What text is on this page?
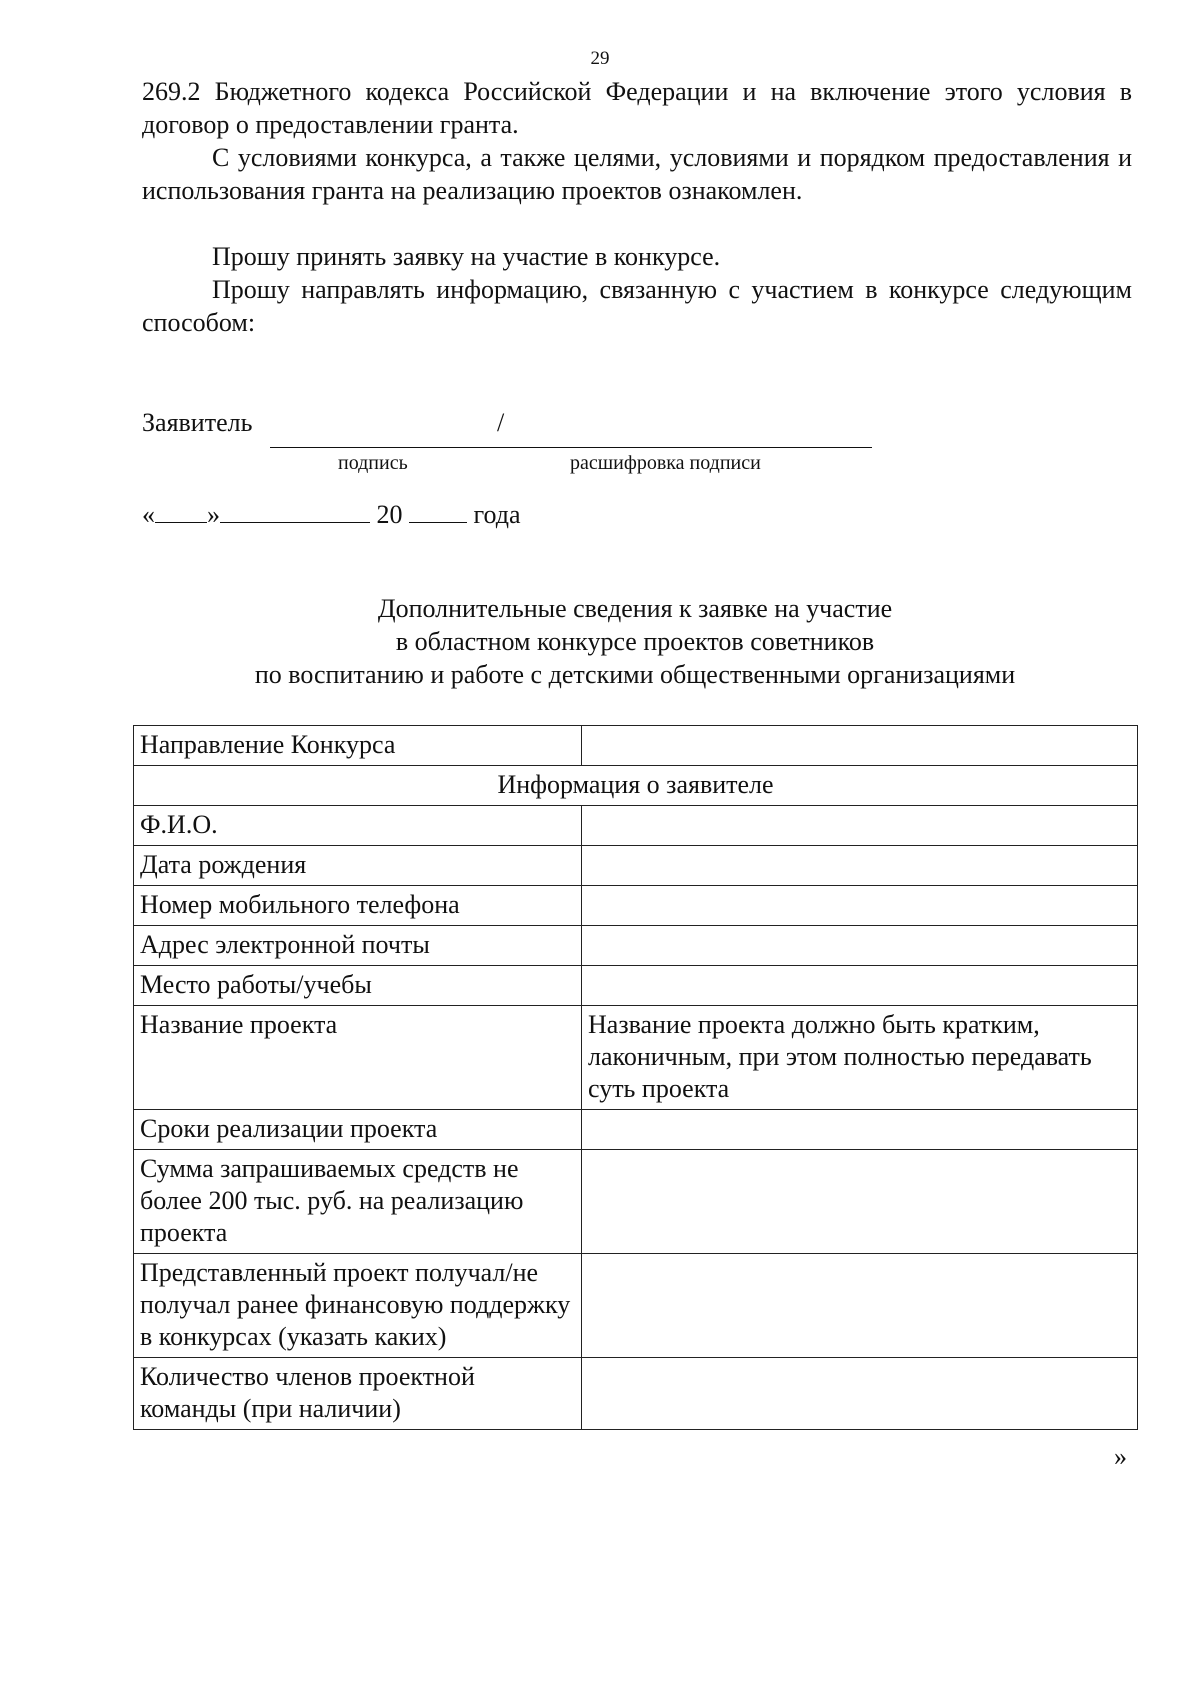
29
269.2 Бюджетного кодекса Российской Федерации и на включение этого условия в договор о предоставлении гранта.
С условиями конкурса, а также целями, условиями и порядком предоставления и использования гранта на реализацию проектов ознакомлен.
Прошу принять заявку на участие в конкурсе.
Прошу направлять информацию, связанную с участием в конкурсе следующим способом:
Заявитель	/
подпись	расшифровка подписи
« »	20	года
Дополнительные сведения к заявке на участие
в областном конкурсе проектов советников
по воспитанию и работе с детскими общественными организациями
Направление Конкурса	
Информация о заявителе	
Ф.И.О.	
Дата рождения	
Номер мобильного телефона	
Адрес электронной почты	
Место работы/учебы	
Название проекта	Название проекта должно быть кратким, лаконичным, при этом полностью передавать суть проекта
Сроки реализации проекта	
Сумма запрашиваемых средств не более 200 тыс. руб. на реализацию проекта	
Представленный проект получал/не получал ранее финансовую поддержку в конкурсах (указать каких)	
Количество членов проектной команды (при наличии)	
»
